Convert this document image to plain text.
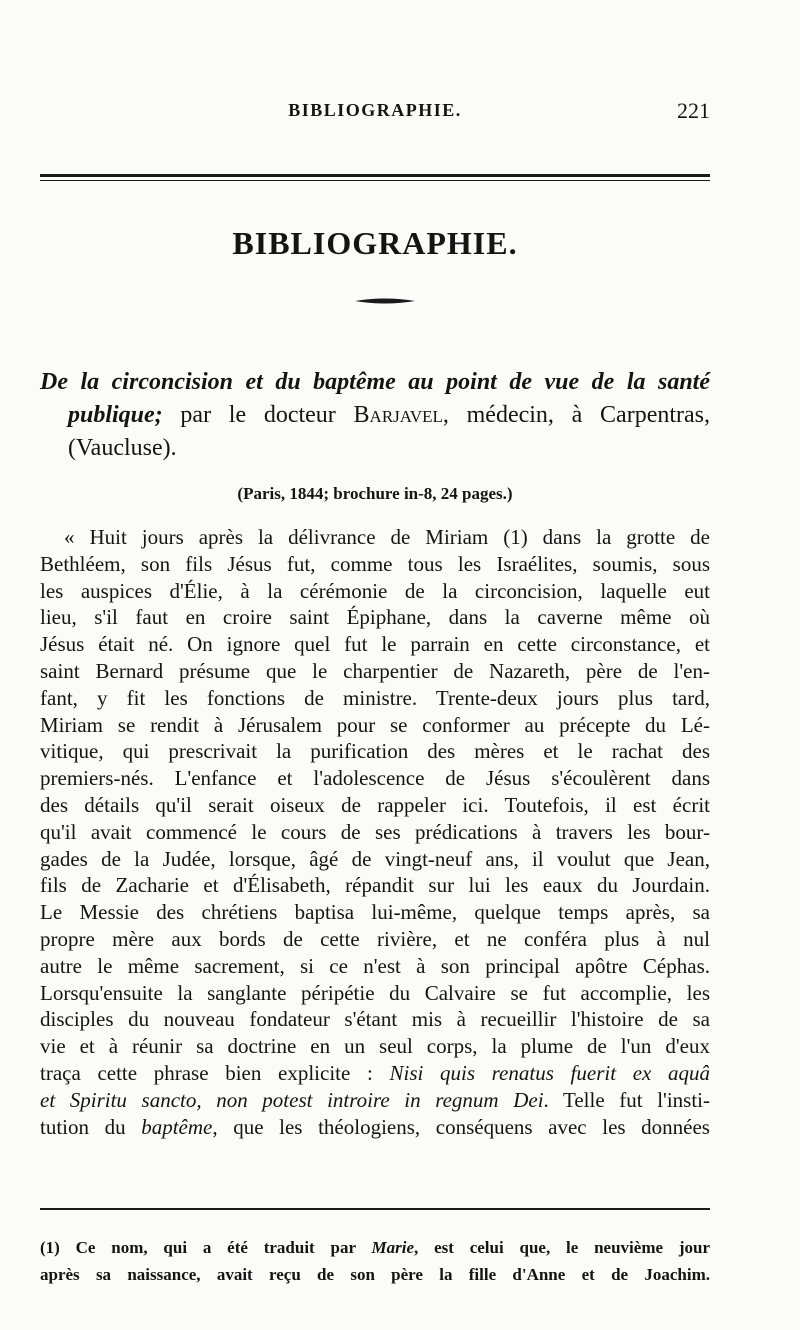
BIBLIOGRAPHIE.	221
BIBLIOGRAPHIE.

De la circoncision et du baptême au point de vue de la santé publique; par le docteur Barjavel, médecin, à Carpentras, (Vaucluse).

(Paris, 1844; brochure in-8, 24 pages.)
« Huit jours après la délivrance de Miriam (1) dans la grotte de
Bethléem, son fils Jésus fut, comme tous les Israélites, soumis, sous
les auspices d'Élie, à la cérémonie de la circoncision, laquelle eut
lieu, s'il faut en croire saint Épiphane, dans la caverne même où
Jésus était né. On ignore quel fut le parrain en cette circonstance, et
saint Bernard présume que le charpentier de Nazareth, père de l'en-
fant, y fit les fonctions de ministre. Trente-deux jours plus tard,
Miriam se rendit à Jérusalem pour se conformer au précepte du Lé-
vitique, qui prescrivait la purification des mères et le rachat des
premiers-nés. L'enfance et l'adolescence de Jésus s'écoulèrent dans
des détails qu'il serait oiseux de rappeler ici. Toutefois, il est écrit
qu'il avait commencé le cours de ses prédications à travers les bour-
gades de la Judée, lorsque, âgé de vingt-neuf ans, il voulut que Jean,
fils de Zacharie et d'Élisabeth, répandit sur lui les eaux du Jourdain.
Le Messie des chrétiens baptisa lui-même, quelque temps après, sa
propre mère aux bords de cette rivière, et ne conféra plus à nul
autre le même sacrement, si ce n'est à son principal apôtre Céphas.
Lorsqu'ensuite la sanglante péripétie du Calvaire se fut accomplie, les
disciples du nouveau fondateur s'étant mis à recueillir l'histoire de sa
vie et à réunir sa doctrine en un seul corps, la plume de l'un d'eux
traça cette phrase bien explicite : Nisi quis renatus fuerit ex aquâ
et Spiritu sancto, non potest introire in regnum Dei. Telle fut l'insti-
tution du baptême, que les théologiens, conséquens avec les données
(1) Ce nom, qui a été traduit par Marie, est celui que, le neuvième jour
après sa naissance, avait reçu de son père la fille d'Anne et de Joachim.
